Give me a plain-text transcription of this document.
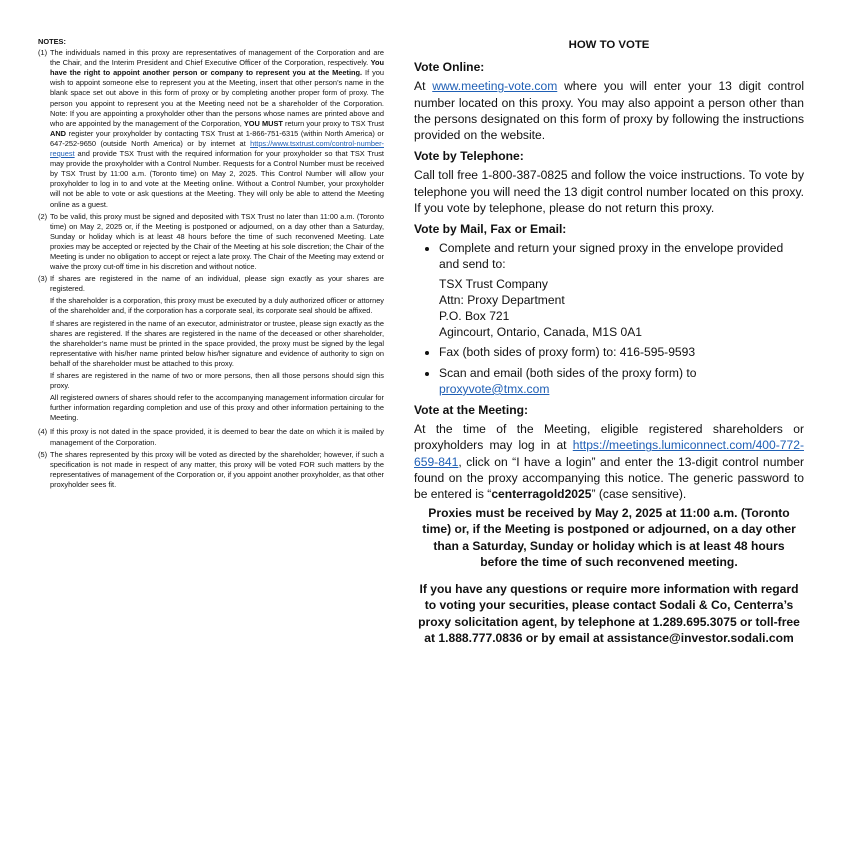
NOTES:
(1) The individuals named in this proxy are representatives of management of the Corporation and are the Chair, and the Interim President and Chief Executive Officer of the Corporation, respectively. You have the right to appoint another person or company to represent you at the Meeting. If you wish to appoint someone else to represent you at the Meeting, insert that other person’s name in the blank space set out above in this form of proxy or by completing another proper form of proxy. The person you appoint to represent you at the Meeting need not be a shareholder of the Corporation. Note: If you are appointing a proxyholder other than the persons whose names are printed above and who are appointed by the management of the Corporation, YOU MUST return your proxy to TSX Trust AND register your proxyholder by contacting TSX Trust at 1-866-751-6315 (within North America) or 647-252-9650 (outside North America) or by internet at https://www.tsxtrust.com/control-number-request and provide TSX Trust with the required information for your proxyholder so that TSX Trust may provide the proxyholder with a Control Number. Requests for a Control Number must be received by TSX Trust by 11:00 a.m. (Toronto time) on May 2, 2025. This Control Number will allow your proxyholder to log in to and vote at the Meeting online. Without a Control Number, your proxyholder will not be able to vote or ask questions at the Meeting. They will only be able to attend the Meeting online as a guest.
(2) To be valid, this proxy must be signed and deposited with TSX Trust no later than 11:00 a.m. (Toronto time) on May 2, 2025 or, if the Meeting is postponed or adjourned, on a day other than a Saturday, Sunday or holiday which is at least 48 hours before the time of such reconvened Meeting. Late proxies may be accepted or rejected by the Chair of the Meeting at his sole discretion; the Chair of the Meeting is under no obligation to accept or reject a late proxy. The Chair of the Meeting may extend or waive the proxy cut-off time in his discretion and without notice.
(3) If shares are registered in the name of an individual, please sign exactly as your shares are registered.

If the shareholder is a corporation, this proxy must be executed by a duly authorized officer or attorney of the shareholder and, if the corporation has a corporate seal, its corporate seal should be affixed.

If shares are registered in the name of an executor, administrator or trustee, please sign exactly as the shares are registered. If the shares are registered in the name of the deceased or other shareholder, the shareholder’s name must be printed in the space provided, the proxy must be signed by the legal representative with his/her name printed below his/her signature and evidence of authority to sign on behalf of the shareholder must be attached to this proxy.

If shares are registered in the name of two or more persons, then all those persons should sign this proxy.

All registered owners of shares should refer to the accompanying management information circular for further information regarding completion and use of this proxy and other information pertaining to the Meeting.

(4) If this proxy is not dated in the space provided, it is deemed to bear the date on which it is mailed by management of the Corporation.
(5) The shares represented by this proxy will be voted as directed by the shareholder; however, if such a specification is not made in respect of any matter, this proxy will be voted FOR such matters by the representatives of management of the Corporation or, if you appoint another proxyholder, as that other proxyholder sees fit.
HOW TO VOTE
Vote Online:
At www.meeting-vote.com where you will enter your 13 digit control number located on this proxy. You may also appoint a person other than the persons designated on this form of proxy by following the instructions provided on the website.
Vote by Telephone:
Call toll free 1-800-387-0825 and follow the voice instructions. To vote by telephone you will need the 13 digit control number located on this proxy. If you vote by telephone, please do not return this proxy.
Vote by Mail, Fax or Email:
• Complete and return your signed proxy in the envelope provided and send to:
TSX Trust Company
Attn: Proxy Department
P.O. Box 721
Agincourt, Ontario, Canada, M1S 0A1
• Fax (both sides of proxy form) to: 416-595-9593
• Scan and email (both sides of the proxy form) to
proxyvote@tmx.com
Vote at the Meeting:
At the time of the Meeting, eligible registered shareholders or proxyholders may log in at https://meetings.lumiconnect.com/400-772-659-841, click on “I have a login” and enter the 13-digit control number found on the proxy accompanying this notice. The generic password to be entered is “centerragold2025” (case sensitive).

Proxies must be received by May 2, 2025 at 11:00 a.m. (Toronto time) or, if the Meeting is postponed or adjourned, on a day other than a Saturday, Sunday or holiday which is at least 48 hours before the time of such reconvened meeting.

If you have any questions or require more information with regard to voting your securities, please contact Sodali & Co, Centerra’s proxy solicitation agent, by telephone at 1.289.695.3075 or toll-free at 1.888.777.0836 or by email at assistance@investor.sodali.com
